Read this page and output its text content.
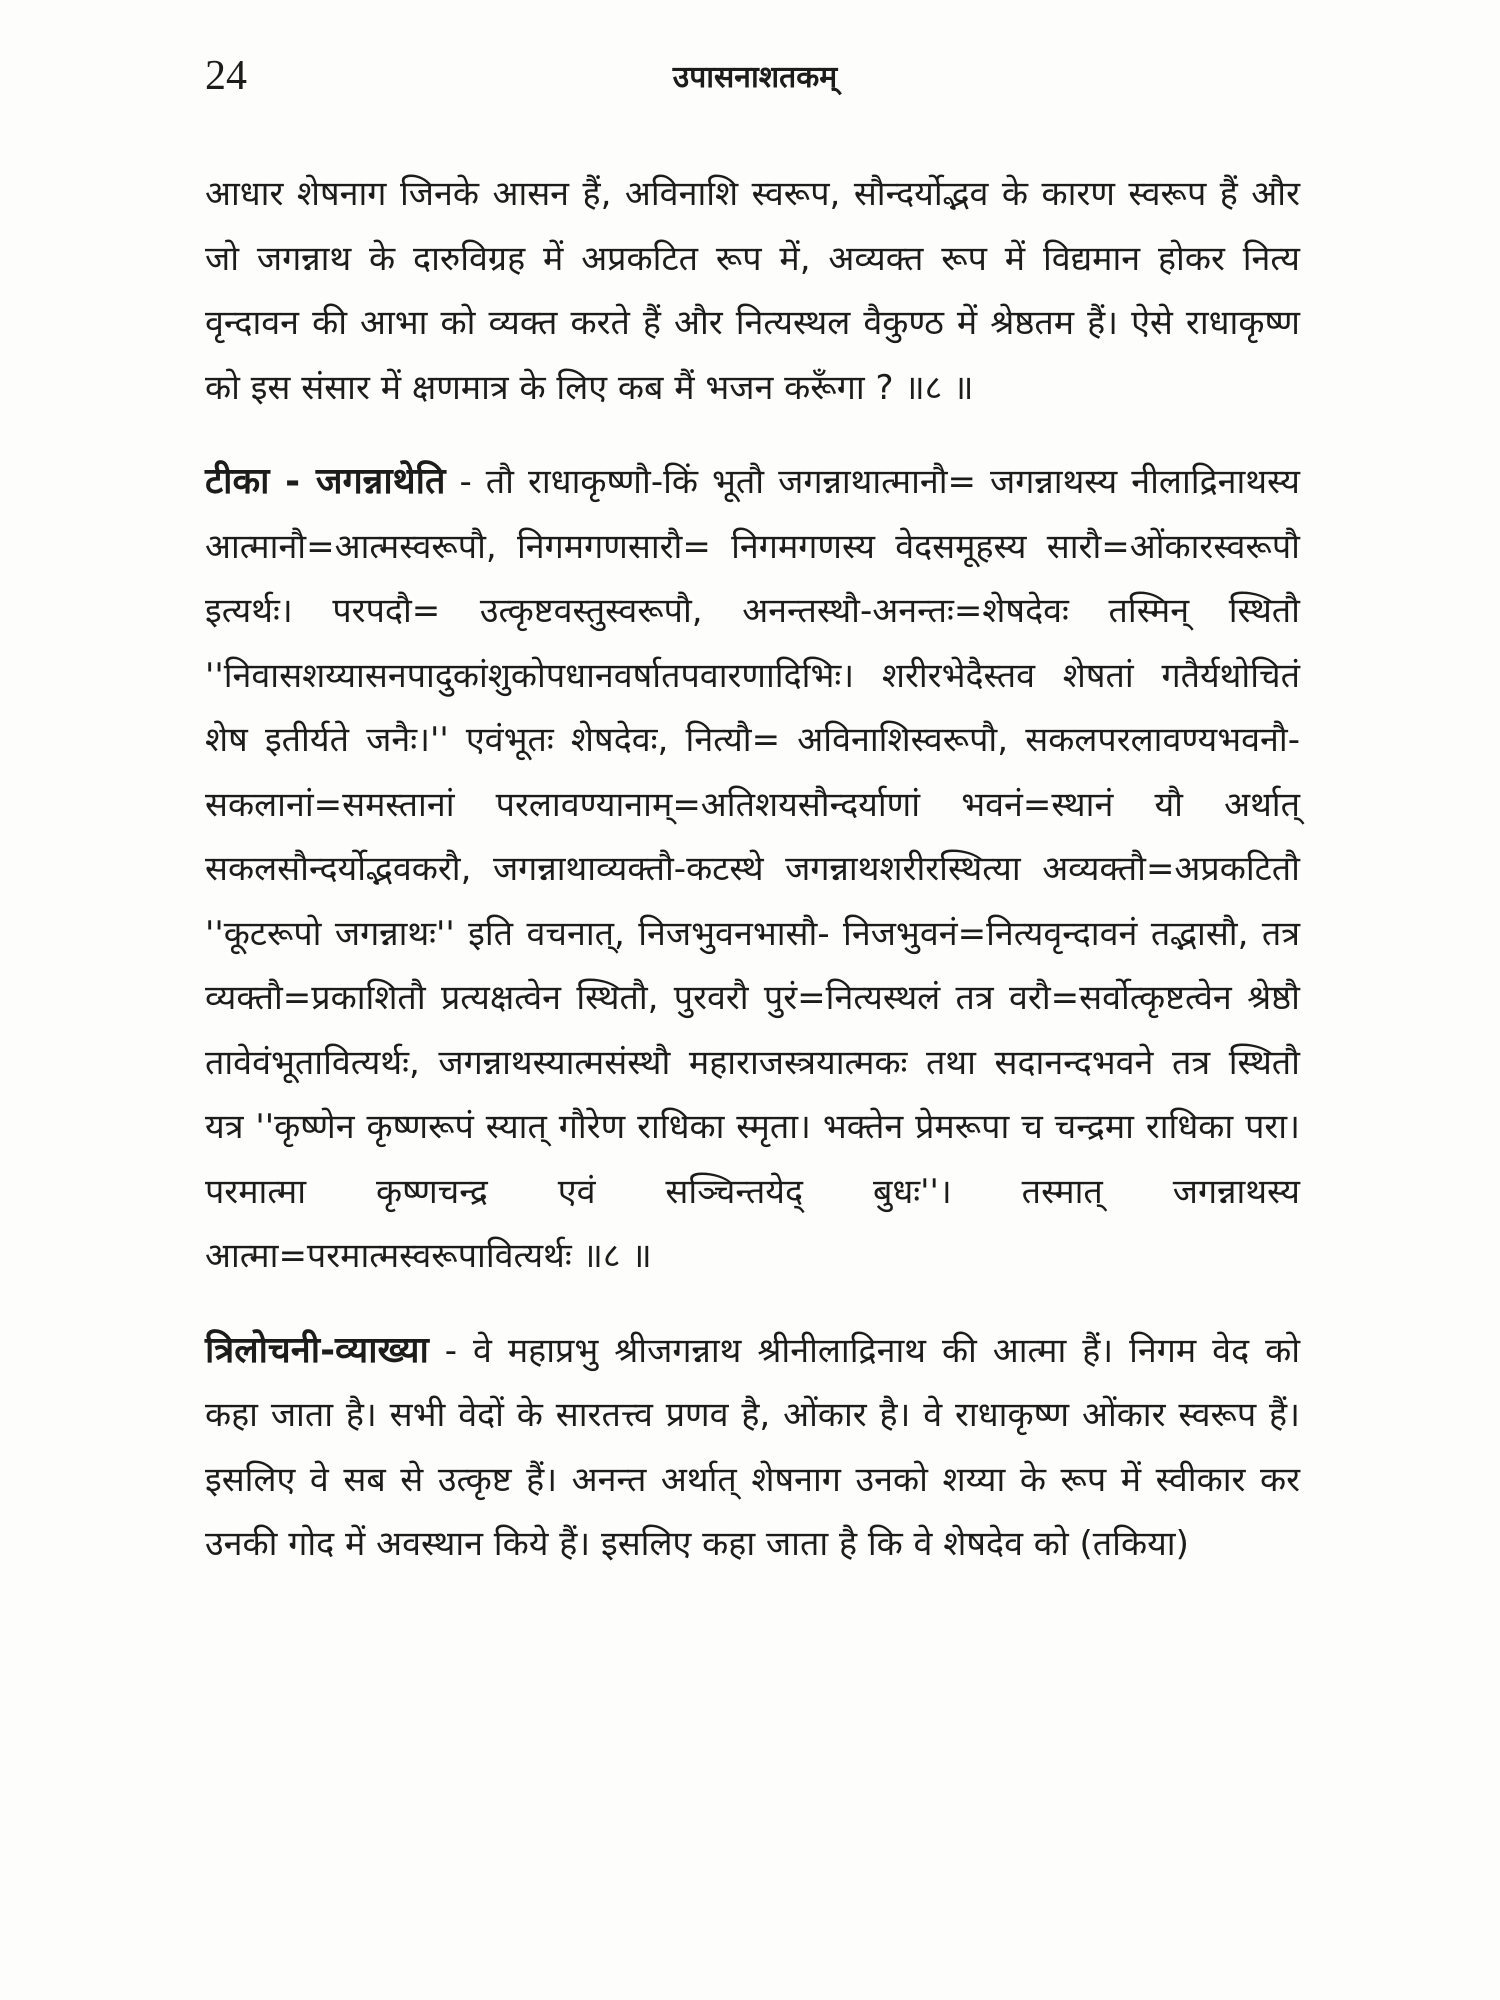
24	उपासनाशतकम्

आधार शेषनाग जिनके आसन हैं, अविनाशि स्वरूप, सौन्दर्योद्भव के कारण स्वरूप हैं और जो जगन्नाथ के दारुविग्रह में अप्रकटित रूप में, अव्यक्त रूप में विद्यमान होकर नित्य वृन्दावन की आभा को व्यक्त करते हैं और नित्यस्थल वैकुण्ठ में श्रेष्ठतम हैं। ऐसे राधाकृष्ण को इस संसार में क्षणमात्र के लिए कब मैं भजन करूँगा ? ॥८ ॥

टीका - जगन्नाथेति - तौ राधाकृष्णौ-किं भूतौ जगन्नाथात्मानौ= जगन्नाथस्य नीलाद्रिनाथस्य आत्मानौ=आत्मस्वरूपौ, निगमगणसारौ= निगमगणस्य वेदसमूहस्य सारौ=ओंकारस्वरूपौ इत्यर्थः। परपदौ= उत्कृष्टवस्तुस्वरूपौ, अनन्तस्थौ-अनन्तः=शेषदेवः तस्मिन् स्थितौ ''निवासशय्यासनपादुकांशुकोपधानवर्षातपवारणादिभिः। शरीरभेदैस्तव शेषतां गतैर्यथोचितं शेष इतीर्यते जनैः।'' एवंभूतः शेषदेवः, नित्यौ= अविनाशिस्वरूपौ, सकलपरलावण्यभवनौ-सकलानां=समस्तानां परलावण्यानाम्=अतिशयसौन्दर्याणां भवनं=स्थानं यौ अर्थात् सकलसौन्दर्योद्भवकरौ, जगन्नाथाव्यक्तौ-कटस्थे जगन्नाथशरीरस्थित्या अव्यक्तौ=अप्रकटितौ ''कूटरूपो जगन्नाथः'' इति वचनात्, निजभुवनभासौ- निजभुवनं=नित्यवृन्दावनं तद्भासौ, तत्र व्यक्तौ=प्रकाशितौ प्रत्यक्षत्वेन स्थितौ, पुरवरौ पुरं=नित्यस्थलं तत्र वरौ=सर्वोत्कृष्टत्वेन श्रेष्ठौ तावेवंभूतावित्यर्थः, जगन्नाथस्यात्मसंस्थौ महाराजस्त्रयात्मकः तथा सदानन्दभवने तत्र स्थितौ यत्र ''कृष्णेन कृष्णरूपं स्यात् गौरेण राधिका स्मृता। भक्तेन प्रेमरूपा च चन्द्रमा राधिका परा। परमात्मा कृष्णचन्द्र एवं सञ्चिन्तयेद् बुधः''। तस्मात् जगन्नाथस्य आत्मा=परमात्मस्वरूपावित्यर्थः ॥८ ॥

त्रिलोचनी-व्याख्या - वे महाप्रभु श्रीजगन्नाथ श्रीनीलाद्रिनाथ की आत्मा हैं। निगम वेद को कहा जाता है। सभी वेदों के सारतत्त्व प्रणव है, ओंकार है। वे राधाकृष्ण ओंकार स्वरूप हैं। इसलिए वे सब से उत्कृष्ट हैं। अनन्त अर्थात् शेषनाग उनको शय्या के रूप में स्वीकार कर उनकी गोद में अवस्थान किये हैं। इसलिए कहा जाता है कि वे शेषदेव को (तकिया)
